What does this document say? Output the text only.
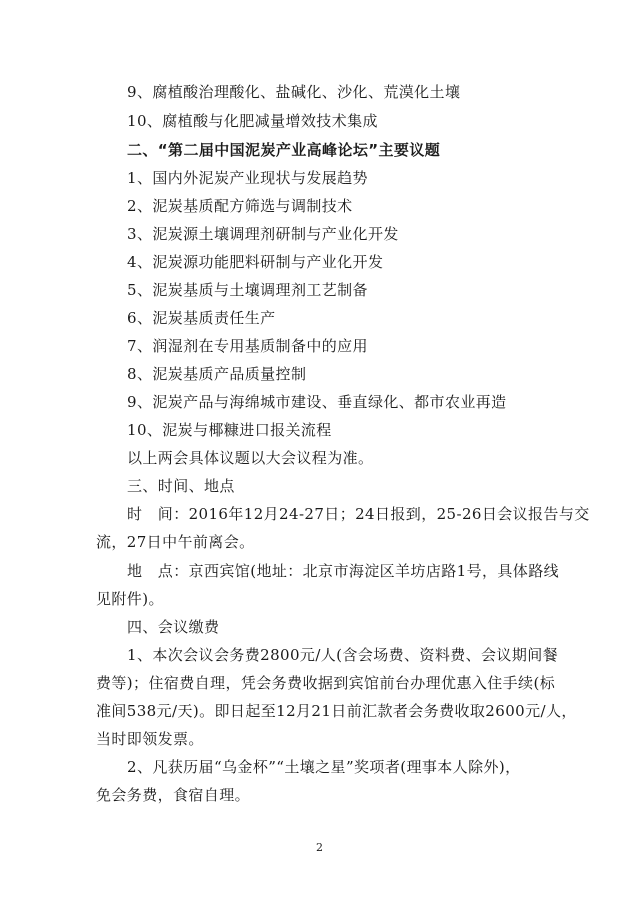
9、腐植酸治理酸化、盐碱化、沙化、荒漠化土壤
10、腐植酸与化肥减量增效技术集成
二、“第二届中国泥炭产业高峰论坛”主要议题
1、国内外泥炭产业现状与发展趋势
2、泥炭基质配方筛选与调制技术
3、泥炭源土壤调理剂研制与产业化开发
4、泥炭源功能肥料研制与产业化开发
5、泥炭基质与土壤调理剂工艺制备
6、泥炭基质责任生产
7、润湿剂在专用基质制备中的应用
8、泥炭基质产品质量控制
9、泥炭产品与海绵城市建设、垂直绿化、都市农业再造
10、泥炭与椰糠进口报关流程
以上两会具体议题以大会议程为准。
三、时间、地点
时　间：2016年12月24-27日；24日报到，25-26日会议报告与交
流，27日中午前离会。
地　点：京西宾馆(地址：北京市海淀区羊坊店路1号，具体路线
见附件)。
四、会议缴费
1、本次会议会务费2800元/人(含会场费、资料费、会议期间餐
费等)；住宿费自理，凭会务费收据到宾馆前台办理优惠入住手续(标
准间538元/天)。即日起至12月21日前汇款者会务费收取2600元/人，
当时即领发票。
2、凡获历届“乌金杯”“土壤之星”奖项者(理事本人除外)，
免会务费，食宿自理。
2
